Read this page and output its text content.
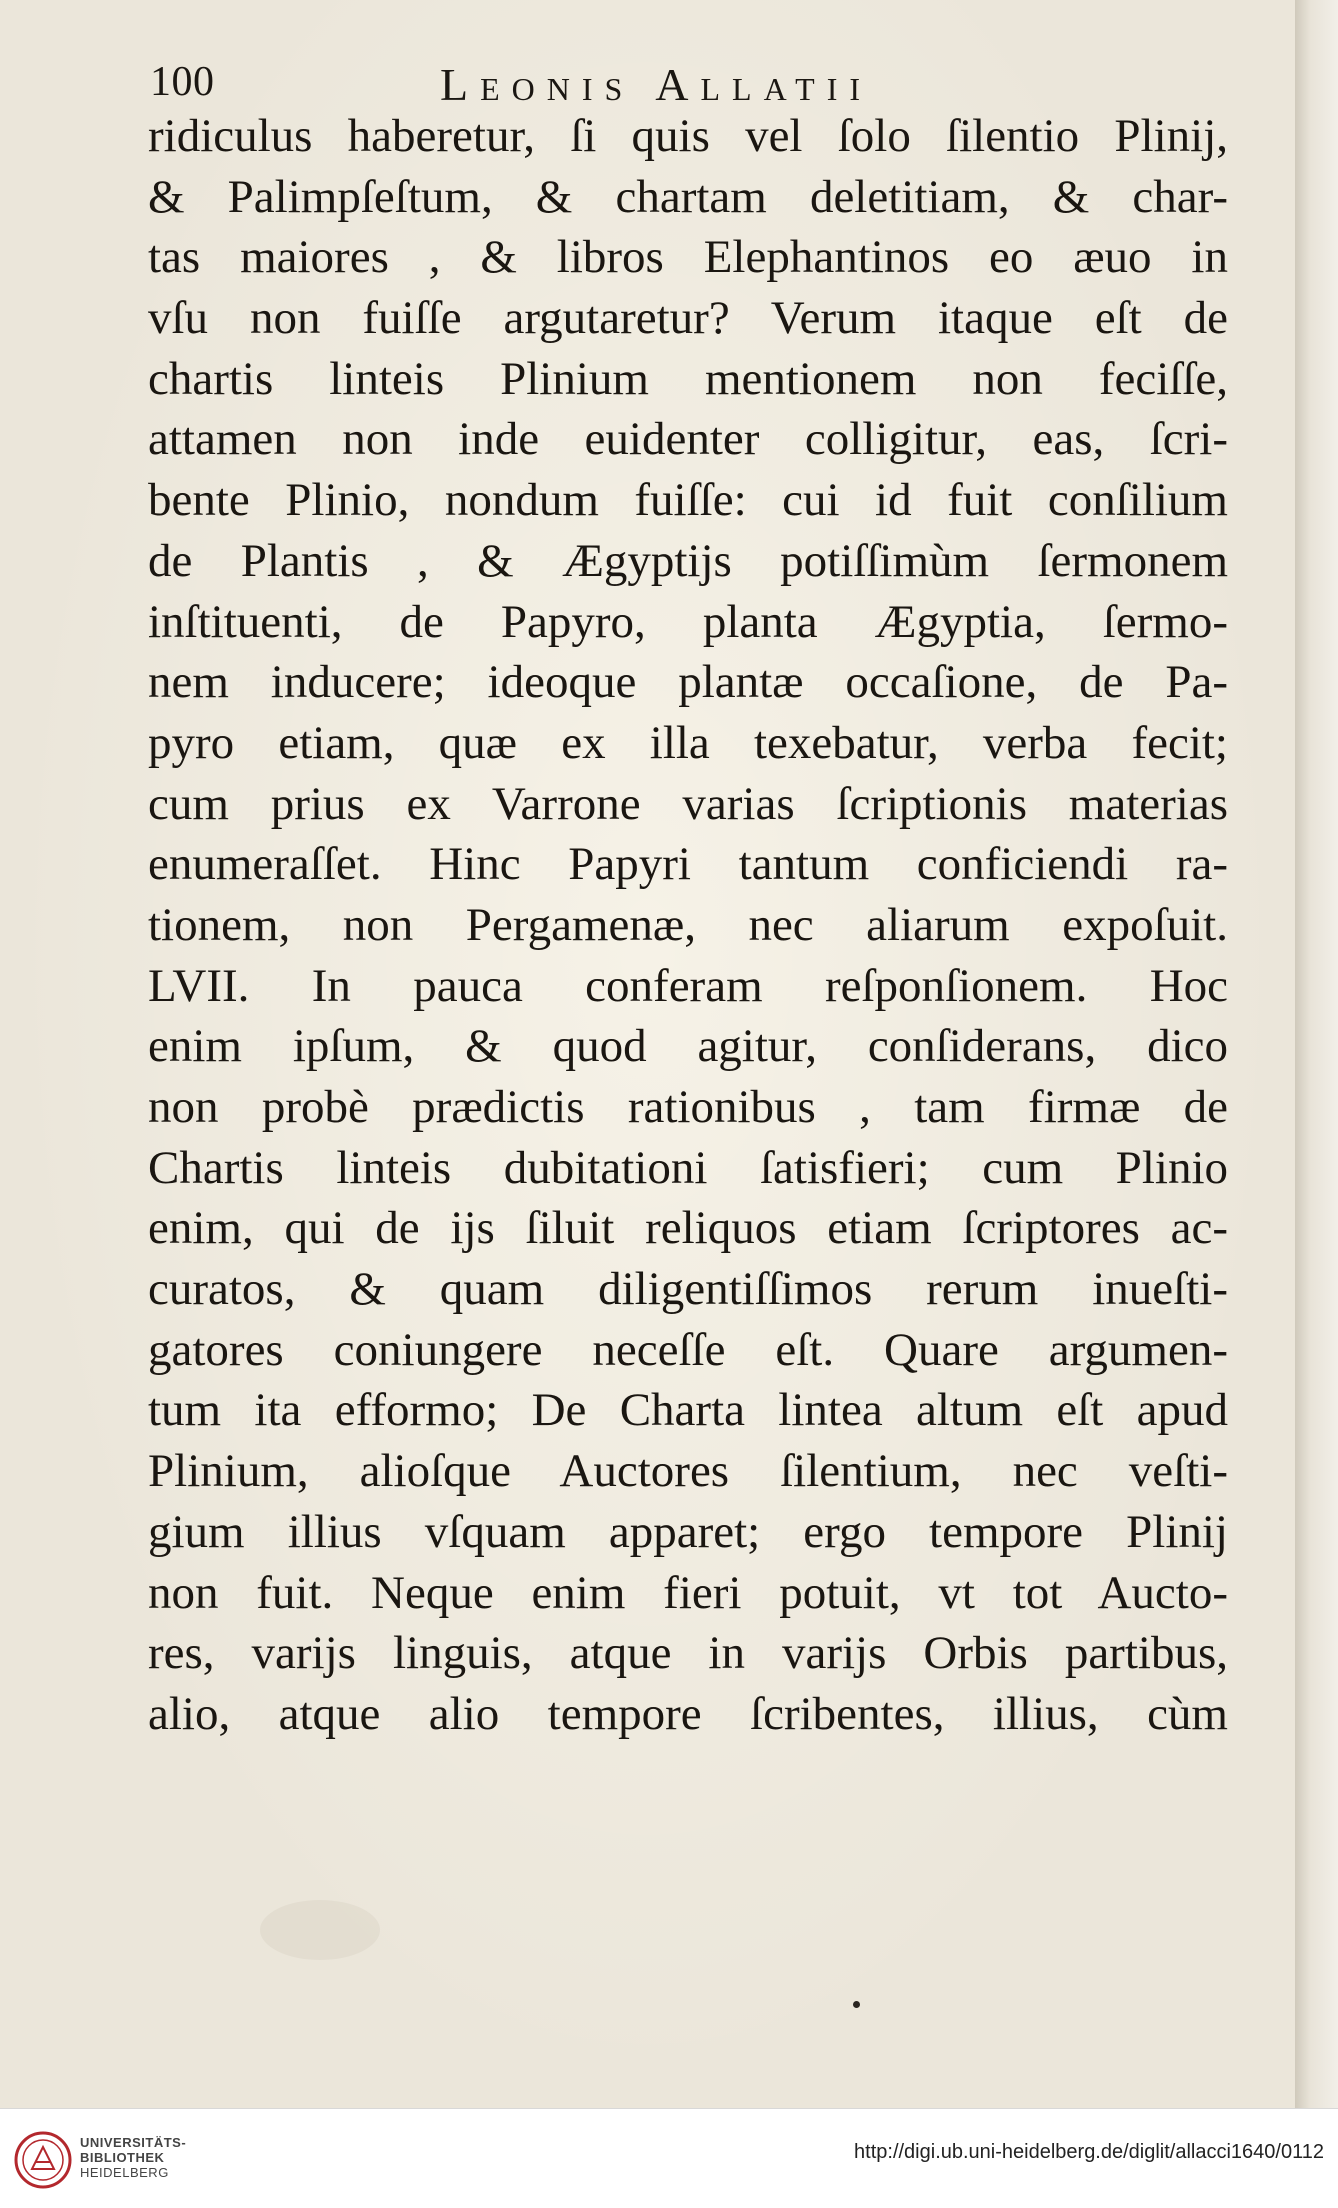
100	Leonis Allatii
ridiculus haberetur, ſi quis vel ſolo ſilentio Plinij,
& Palimpſeſtum, & chartam deletitiam, & char-
tas maiores , & libros Elephantinos eo æuo in
vſu non fuiſſe argutaretur? Verum itaque eſt de
chartis linteis Plinium mentionem non feciſſe,
attamen non inde euidenter colligitur, eas, ſcri-
bente Plinio, nondum fuiſſe: cui id fuit conſilium
de Plantis , & Ægyptijs potiſſimùm ſermonem
inſtituenti, de Papyro, planta Ægyptia, ſermo-
nem inducere; ideoque plantæ occaſione, de Pa-
pyro etiam, quæ ex illa texebatur, verba fecit;
cum prius ex Varrone varias ſcriptionis materias
enumeraſſet. Hinc Papyri tantum conficiendi ra-
tionem, non Pergamenæ, nec aliarum expoſuit.
LVII. In pauca conferam reſponſionem. Hoc
enim ipſum, & quod agitur, conſiderans, dico
non probè prædictis rationibus , tam firmæ de
Chartis linteis dubitationi ſatisfieri; cum Plinio
enim, qui de ijs ſiluit reliquos etiam ſcriptores ac-
curatos, & quam diligentiſſimos rerum inueſti-
gatores coniungere neceſſe eſt. Quare argumen-
tum ita efformo; De Charta lintea altum eſt apud
Plinium, alioſque Auctores ſilentium, nec veſti-
gium illius vſquam apparet; ergo tempore Plinij
non fuit. Neque enim fieri potuit, vt tot Aucto-
res, varijs linguis, atque in varijs Orbis partibus,
alio, atque alio tempore ſcribentes, illius, cùm
UNIVERSITÄTS-
BIBLIOTHEK
HEIDELBERG
http://digi.ub.uni-heidelberg.de/diglit/allacci1640/0112
